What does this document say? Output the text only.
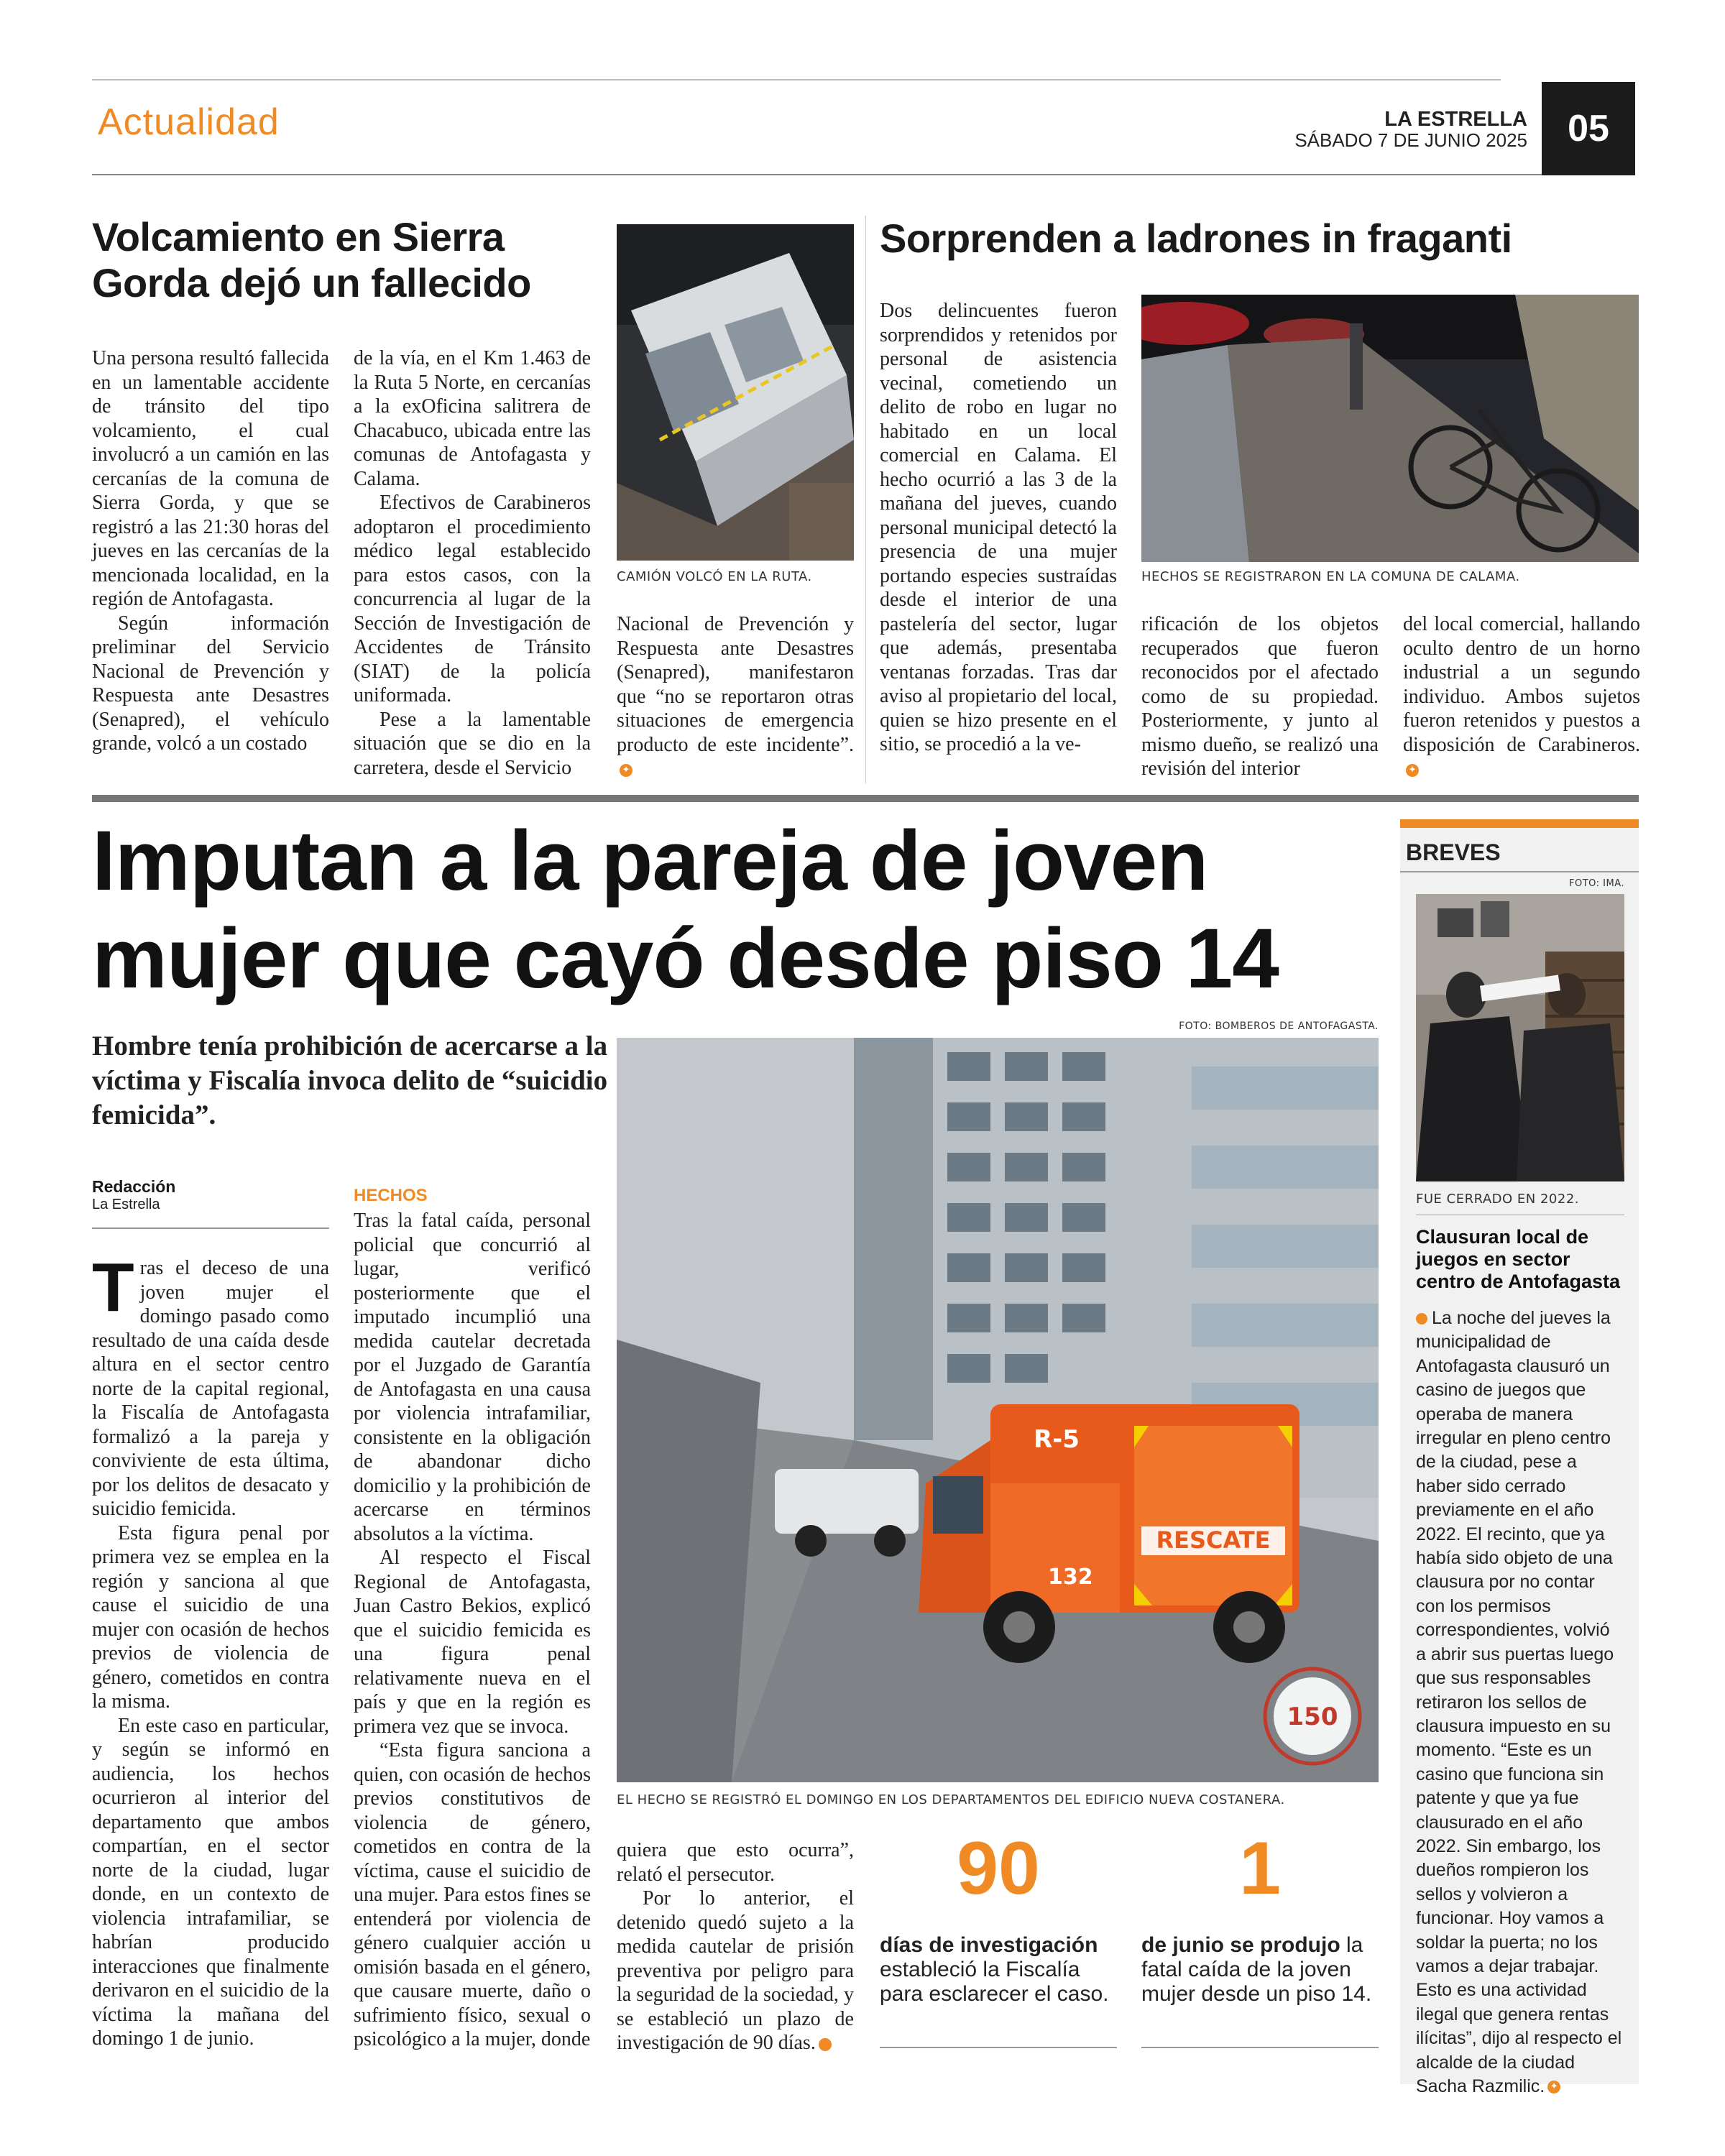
Actualidad	LA ESTRELLA
SÁBADO 7 DE JUNIO 2025	05
Volcamiento en Sierra
Gorda dejó un fallecido

Una persona resultó fallecida en un lamentable accidente de tránsito del tipo volcamiento, el cual involucró a un camión en las cercanías de la comuna de Sierra Gorda, y que se registró a las 21:30 horas del jueves en las cercanías de la mencionada localidad, en la región de Antofagasta.

Según información preliminar del Servicio Nacional de Prevención y Respuesta ante Desastres (Senapred), el vehículo grande, volcó a un costado

de la vía, en el Km 1.463 de la Ruta 5 Norte, en cercanías a la exOficina salitrera de Chacabuco, ubicada entre las comunas de Antofagasta y Calama.

Efectivos de Carabineros adoptaron el procedimiento médico legal establecido para estos casos, con la concurrencia al lugar de la Sección de Investigación de Accidentes de Tránsito (SIAT) de la policía uniformada.

Pese a la lamentable situación que se dio en la carretera, desde el Servicio

CAMIÓN VOLCÓ EN LA RUTA.

Nacional de Prevención y Respuesta ante Desastres (Senapred), manifestaron que “no se reportaron otras situaciones de emergencia producto de este incidente”.✦

Sorprenden a ladrones in fraganti

Dos delincuentes fueron sorprendidos y retenidos por personal de asistencia vecinal, cometiendo un delito de robo en lugar no habitado en un local comercial en Calama. El hecho ocurrió a las 3 de la mañana del jueves, cuando personal municipal detectó la presencia de una mujer portando especies sustraídas desde el interior de una pastelería del sector, lugar que además, presentaba ventanas forzadas. Tras dar aviso al propietario del local, quien se hizo presente en el sitio, se procedió a la ve-

HECHOS SE REGISTRARON EN LA COMUNA DE CALAMA.

rificación de los objetos recuperados que fueron reconocidos por el afectado como de su propiedad. Posteriormente, y junto al mismo dueño, se realizó una revisión del interior

del local comercial, hallando oculto dentro de un horno industrial a un segundo individuo. Ambos sujetos fueron retenidos y puestos a disposición de Carabineros.✦

Imputan a la pareja de joven
mujer que cayó desde piso 14
Hombre tenía prohibición de acercarse a la víctima y Fiscalía invoca delito de “suicidio femicida”.
Redacción
La Estrella

T ras el deceso de una joven mujer el domingo pasado como resultado de una caída desde altura en el sector centro norte de la capital regional, la Fiscalía de Antofagasta formalizó a la pareja y conviviente de esta última, por los delitos de desacato y suicidio femicida.

Esta figura penal por primera vez se emplea en la región y sanciona al que cause el suicidio de una mujer con ocasión de hechos previos de violencia de género, cometidos en contra la misma.

En este caso en particular, y según se informó en audiencia, los hechos ocurrieron al interior del departamento que ambos compartían, en el sector norte de la ciudad, lugar donde, en un contexto de violencia intrafamiliar, se habrían producido interacciones que finalmente derivaron en el suicidio de la víctima la mañana del domingo 1 de junio.

HECHOS

Tras la fatal caída, personal policial que concurrió al lugar, verificó posteriormente que el imputado incumplió una medida cautelar decretada por el Juzgado de Garantía de Antofagasta en una causa por violencia intrafamiliar, consistente en la obligación de abandonar dicho domicilio y la prohibición de acercarse en términos absolutos a la víctima.

Al respecto el Fiscal Regional de Antofagasta, Juan Castro Bekios, explicó que el suicidio femicida es una figura penal relativamente nueva en el país y que en la región es primera vez que se invoca.

“Esta figura sanciona a quien, con ocasión de hechos previos constitutivos de violencia de género, cometidos en contra de la víctima, cause el suicidio de una mujer. Para estos fines se entenderá por violencia de género cualquier acción u omisión basada en el género, que causare muerte, daño o sufrimiento físico, sexual o psicológico a la mujer, donde

FOTO: BOMBEROS DE ANTOFAGASTA.
RESCATE
R-5
132
150
EL HECHO SE REGISTRÓ EL DOMINGO EN LOS DEPARTAMENTOS DEL EDIFICIO NUEVA COSTANERA.

quiera que esto ocurra”, relató el persecutor.

Por lo anterior, el detenido quedó sujeto a la medida cautelar de prisión preventiva por peligro para la seguridad de la sociedad, y se estableció un plazo de investigación de 90 días.	✦

90
días de investigación estableció la Fiscalía para esclarecer el caso.
1
de junio se produjo la fatal caída de la joven mujer desde un piso 14.
BREVES
FOTO: IMA.
FUE CERRADO EN 2022.
Clausuran local de juegos en sector centro de Antofagasta
La noche del jueves la municipalidad de Antofagasta clausuró un casino de juegos que operaba de manera irregular en pleno centro de la ciudad, pese a haber sido cerrado previamente en el año 2022. El recinto, que ya había sido objeto de una clausura por no contar con los permisos correspondientes, volvió a abrir sus puertas luego que sus responsables retiraron los sellos de clausura impuesto en su momento. “Este es un casino que funciona sin patente y que ya fue clausurado en el año 2022. Sin embargo, los dueños rompieron los sellos y volvieron a funcionar. Hoy vamos a soldar la puerta; no los vamos a dejar trabajar. Esto es una actividad ilegal que genera rentas ilícitas”, dijo al respecto el alcalde de la ciudad Sacha Razmilic. ✦
